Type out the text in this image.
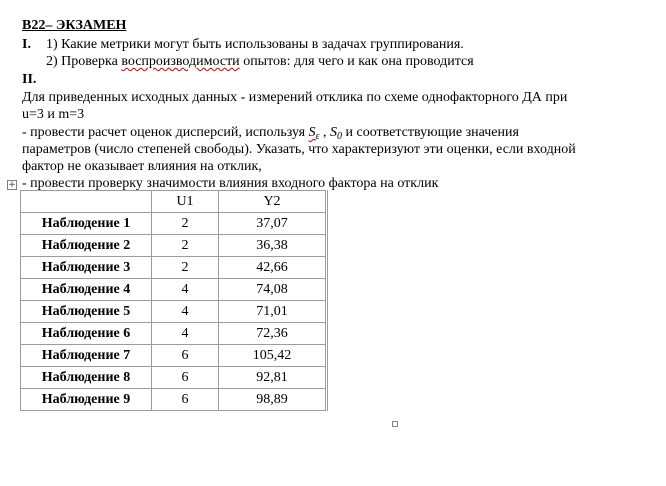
В22– ЭКЗАМЕН
I. 1) Какие метрики могут быть использованы в задачах группирования.
2) Проверка воспроизводимости опытов: для чего и как она проводится
II.
Для приведенных исходных данных - измерений отклика по схеме однофакторного ДА при
u=3 и m=3
- провести расчет оценок дисперсий, используя $S_\varepsilon$ , $S_0$ и соответствующие значения
параметров (число степеней свободы). Указать, что характеризуют эти оценки, если входной
фактор не оказывает влияния на отклик,
- провести проверку значимости влияния входного фактора на отклик
+
	U1	Y2
Наблюдение 1	2	37,07
Наблюдение 2	2	36,38
Наблюдение 3	2	42,66
Наблюдение 4	4	74,08
Наблюдение 5	4	71,01
Наблюдение 6	4	72,36
Наблюдение 7	6	105,42
Наблюдение 8	6	92,81
Наблюдение 9	6	98,89
